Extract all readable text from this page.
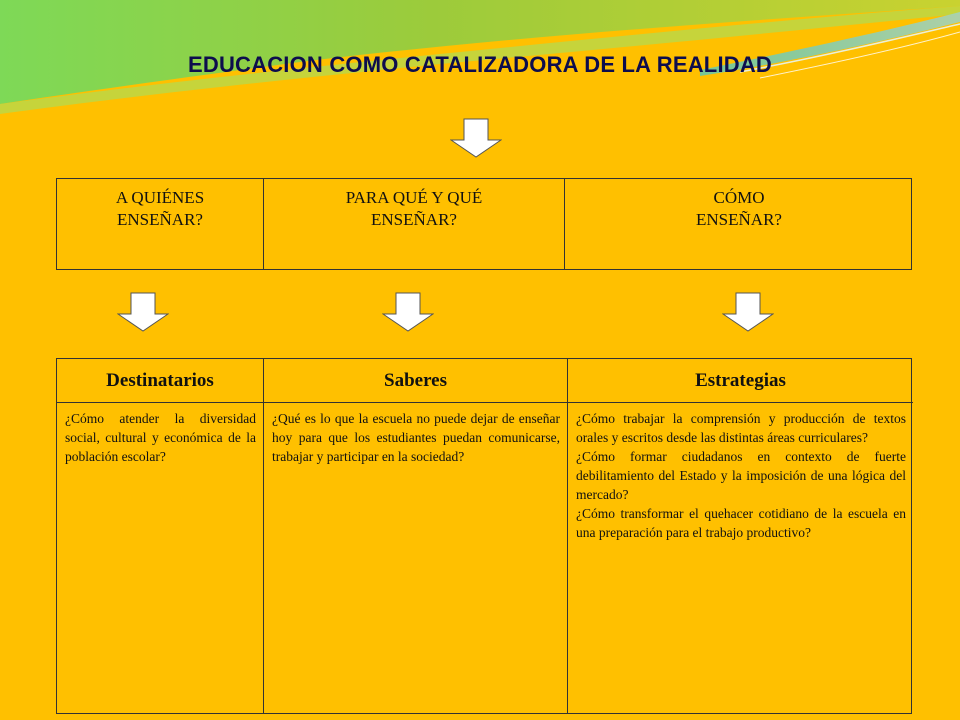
EDUCACION COMO CATALIZADORA DE LA REALIDAD
A QUIÉNES
ENSEÑAR?
PARA QUÉ Y QUÉ
ENSEÑAR?
CÓMO
ENSEÑAR?
Destinatarios	Saberes	Estrategias

¿Cómo atender la diversidad social, cultural y económica de la población escolar?

¿Qué es lo que la escuela no puede dejar de enseñar hoy para que los estudiantes puedan comunicarse, trabajar y participar en la sociedad?

¿Cómo trabajar la comprensión y producción de textos orales y escritos desde las distintas áreas curriculares?

¿Cómo formar ciudadanos en contexto de fuerte debilitamiento del Estado y la imposición de una lógica del mercado?

¿Cómo transformar el quehacer cotidiano de la escuela en una preparación para el trabajo productivo?
